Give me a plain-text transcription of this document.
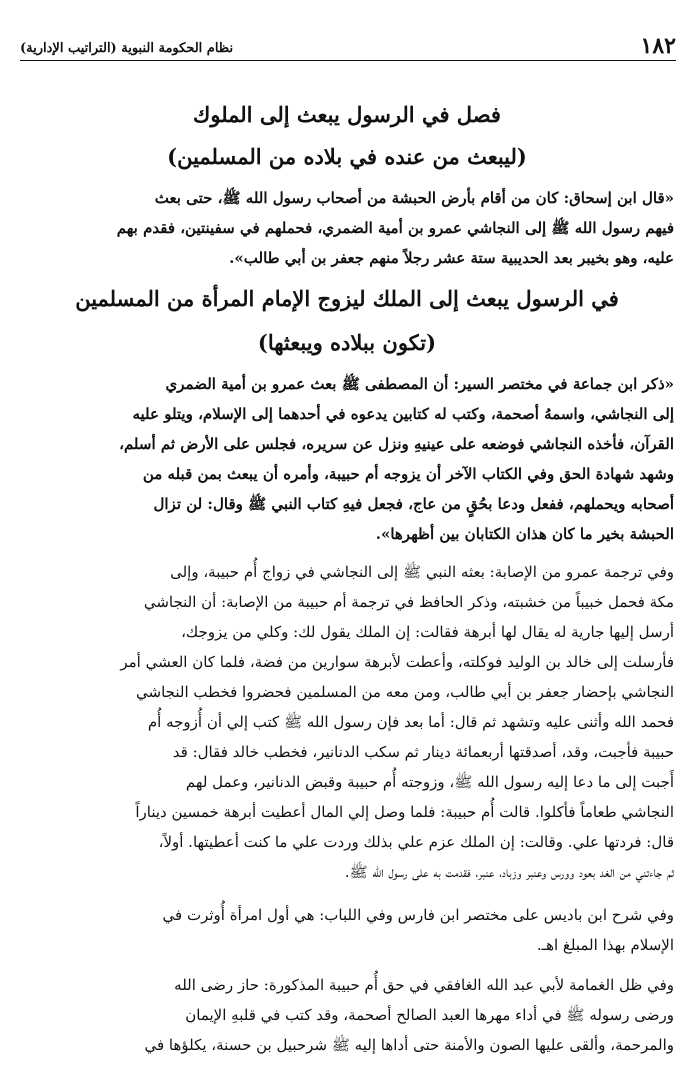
١٨٢
نظام الحكومة النبوية (التراتيب الإدارية)
فصل في الرسول يبعث إلى الملوك
(ليبعث من عنده في بلاده من المسلمين)
«قال ابن إسحاق: كان من أقام بأرض الحبشة من أصحاب رسول الله ﷺ، حتى بعث
فيهم رسول الله ﷺ إلى النجاشي عمرو بن أمية الضمري، فحملهم في سفينتين، فقدم بهم
عليه، وهو بخيبر بعد الحديبية ستة عشر رجلاً منهم جعفر بن أبي طالب».
في الرسول يبعث إلى الملك ليزوج الإمام المرأة من المسلمين
(تكون ببلاده ويبعثها)
«ذكر ابن جماعة في مختصر السير: أن المصطفى ﷺ بعث عمرو بن أمية الضمري
إلى النجاشي، واسمهُ أصحمة، وكتب له كتابين يدعوه في أحدهما إلى الإسلام، ويتلو عليه
القرآن، فأخذه النجاشي فوضعه على عينيهِ ونزل عن سريره، فجلس على الأرض ثم أسلم،
وشهد شهادة الحق وفي الكتاب الآخر أن يزوجه أم حبيبة، وأمره أن يبعث بمن قبله من
أصحابه ويحملهم، ففعل ودعا بحُقٍ من عاج، فجعل فيهِ كتاب النبي ﷺ وقال: لن تزال
الحبشة بخير ما كان هذان الكتابان بين أظهرها».
وفي ترجمة عمرو من الإصابة: بعثه النبي ﷺ إلى النجاشي في زواج أُم حبيبة، وإلى
مكة فحمل خبيباً من خشبته، وذكر الحافظ في ترجمة أم حبيبة من الإصابة: أن النجاشي
أرسل إليها جارية له يقال لها أبرهة فقالت: إن الملك يقول لك: وكلي من يزوجك،
فأرسلت إلى خالد بن الوليد فوكلته، وأعطت لأبرهة سوارين من فضة، فلما كان العشي أمر
النجاشي بإحضار جعفر بن أبي طالب، ومن معه من المسلمين فحضروا فخطب النجاشي
فحمد الله وأثنى عليه وتشهد ثم قال: أما بعد فإن رسول الله ﷺ كتب إلي أن أُزوجه أُم
حبيبة فأجبت، وقد، أصدقتها أربعمائة دينار ثم سكب الدنانير، فخطب خالد فقال: قد
أَجبت إلى ما دعا إليه رسول الله ﷺ، وزوجته أُم حبيبة وقبض الدنانير، وعمل لهم
النجاشي طعاماً فأكلوا. قالت أُم حبيبة: فلما وصل إلي المال أعطيت أبرهة خمسين ديناراً
قال: فردتها علي. وقالت: إن الملك عزم علي بذلك وردت علي ما كنت أعطيتها. أولاً،
ثم جاءتني من الغد بعود وورس وعنبر وزباد، عنبر، فقدمت به على رسول الله ﷺ.
وفي شرح ابن باديس على مختصر ابن فارس وفي اللباب: هي أول امرأة أُوثرت في
الإسلام بهذا المبلغ اهـ.
وفي ظل الغمامة لأبي عبد الله الغافقي في حق أُم حبيبة المذكورة: حاز رضى الله
ورضى رسوله ﷺ في أداء مهرها العبد الصالح أصحمة، وقد كتب في قلبهِ الإيمان
والمرحمة، وألقى عليها الصون والأمنة حتى أداها إليه ﷺ شرحبيل بن حسنة، يكلؤها في
